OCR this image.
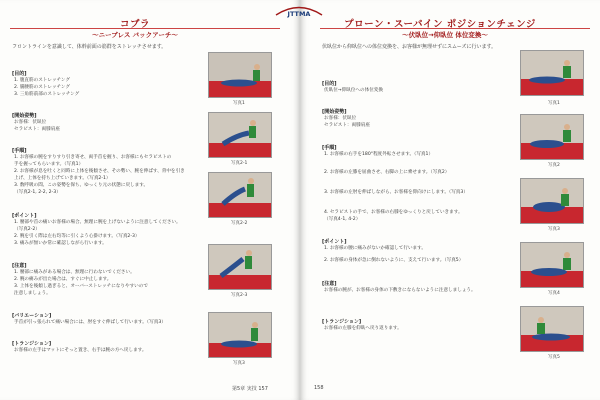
JTTMA
コブラ
～ニーブレス バックアーチ～
フロントラインを意識して、体幹前面の筋群をストレッチさせます。
[目的]
1. 腹直筋のストレッチング
2. 腸腰筋のストレッチング
3. 三角筋前部のストレッチング
[開始姿勢]
お客様：伏臥位
セラピスト：両膝肩座
[手順]
1. お客様の腕をすりすり引き寄せ、両手首を握り、お客様にもセラピストの
手を握ってもらいます。（写真1）
2. お客様が息を吐くと同時に上体を後傾させ、その勢い、腕を伸ばす、背中を引き
上げ、上体を持ち上げていきます。（写真2-1）
3. 数呼吸の間、この姿勢を保ち、ゆっくり元の状態に戻します。
（写真2-1, 2-2, 2-3）
[ポイント]
1. 腰部や首の痛いお客様の場合、無理に腕を上げないように注意してください。
（写真2-2）
2. 腕を引く際は左右均等に引くよう心掛けます。（写真2-3）
3. 痛みが無いか常に確認しながら行います。
[注意]
1. 腰部に痛みがある場合は、無理に行わないでください。
2. 腕の痛みが出た場合は、すぐに中止します。
3. 上体を後傾し過ぎると、オーバーストレッチになりやすいので
注意しましょう。
[バリエーション]
手首が引っ張られて痛い場合には、肘をすぐ伸ばして行います。（写真3）
[トランジション]
お客様の左手はマットにそっと置き、右手は腕の方へ戻します。
写真1
写真2-1
写真2-2
写真2-3
写真3
第5章 実技 157
プローン・スーパイン ポジションチェンジ
～伏臥位→仰臥位 体位変換～
伏臥位から仰臥位への体位変換を、お客様が無理せずにスムーズに行います。
[目的]
伏臥位→仰臥位への体位変換
[開始姿勢]
お客様：伏臥位
セラピスト：両膝肩座
[手順]
1. お客様の右手を180°程度外転させます。（写真1）
2. お客様の左膝を屈曲させ、右脚の上に乗せます。（写真2）
3. お客様の左肘を伸ばしながら、お客様を仰向けにします。（写真3）
4. セラピストの手で、お客様の右膝をゆっくりと戻していきます。
（写真4-1, 4-2）
[ポイント]
1. お客様の腰に痛みがないか確認して行います。
2. お客様の身体が急に倒れないように、支えて行います。（写真5）
[注意]
お客様の腕が、お客様の身体の下敷きにならないように注意しましょう。
[トランジション]
お客様の左膝を仰臥へ戻り返ります。
写真1
写真2
写真3
写真4
写真5
158
